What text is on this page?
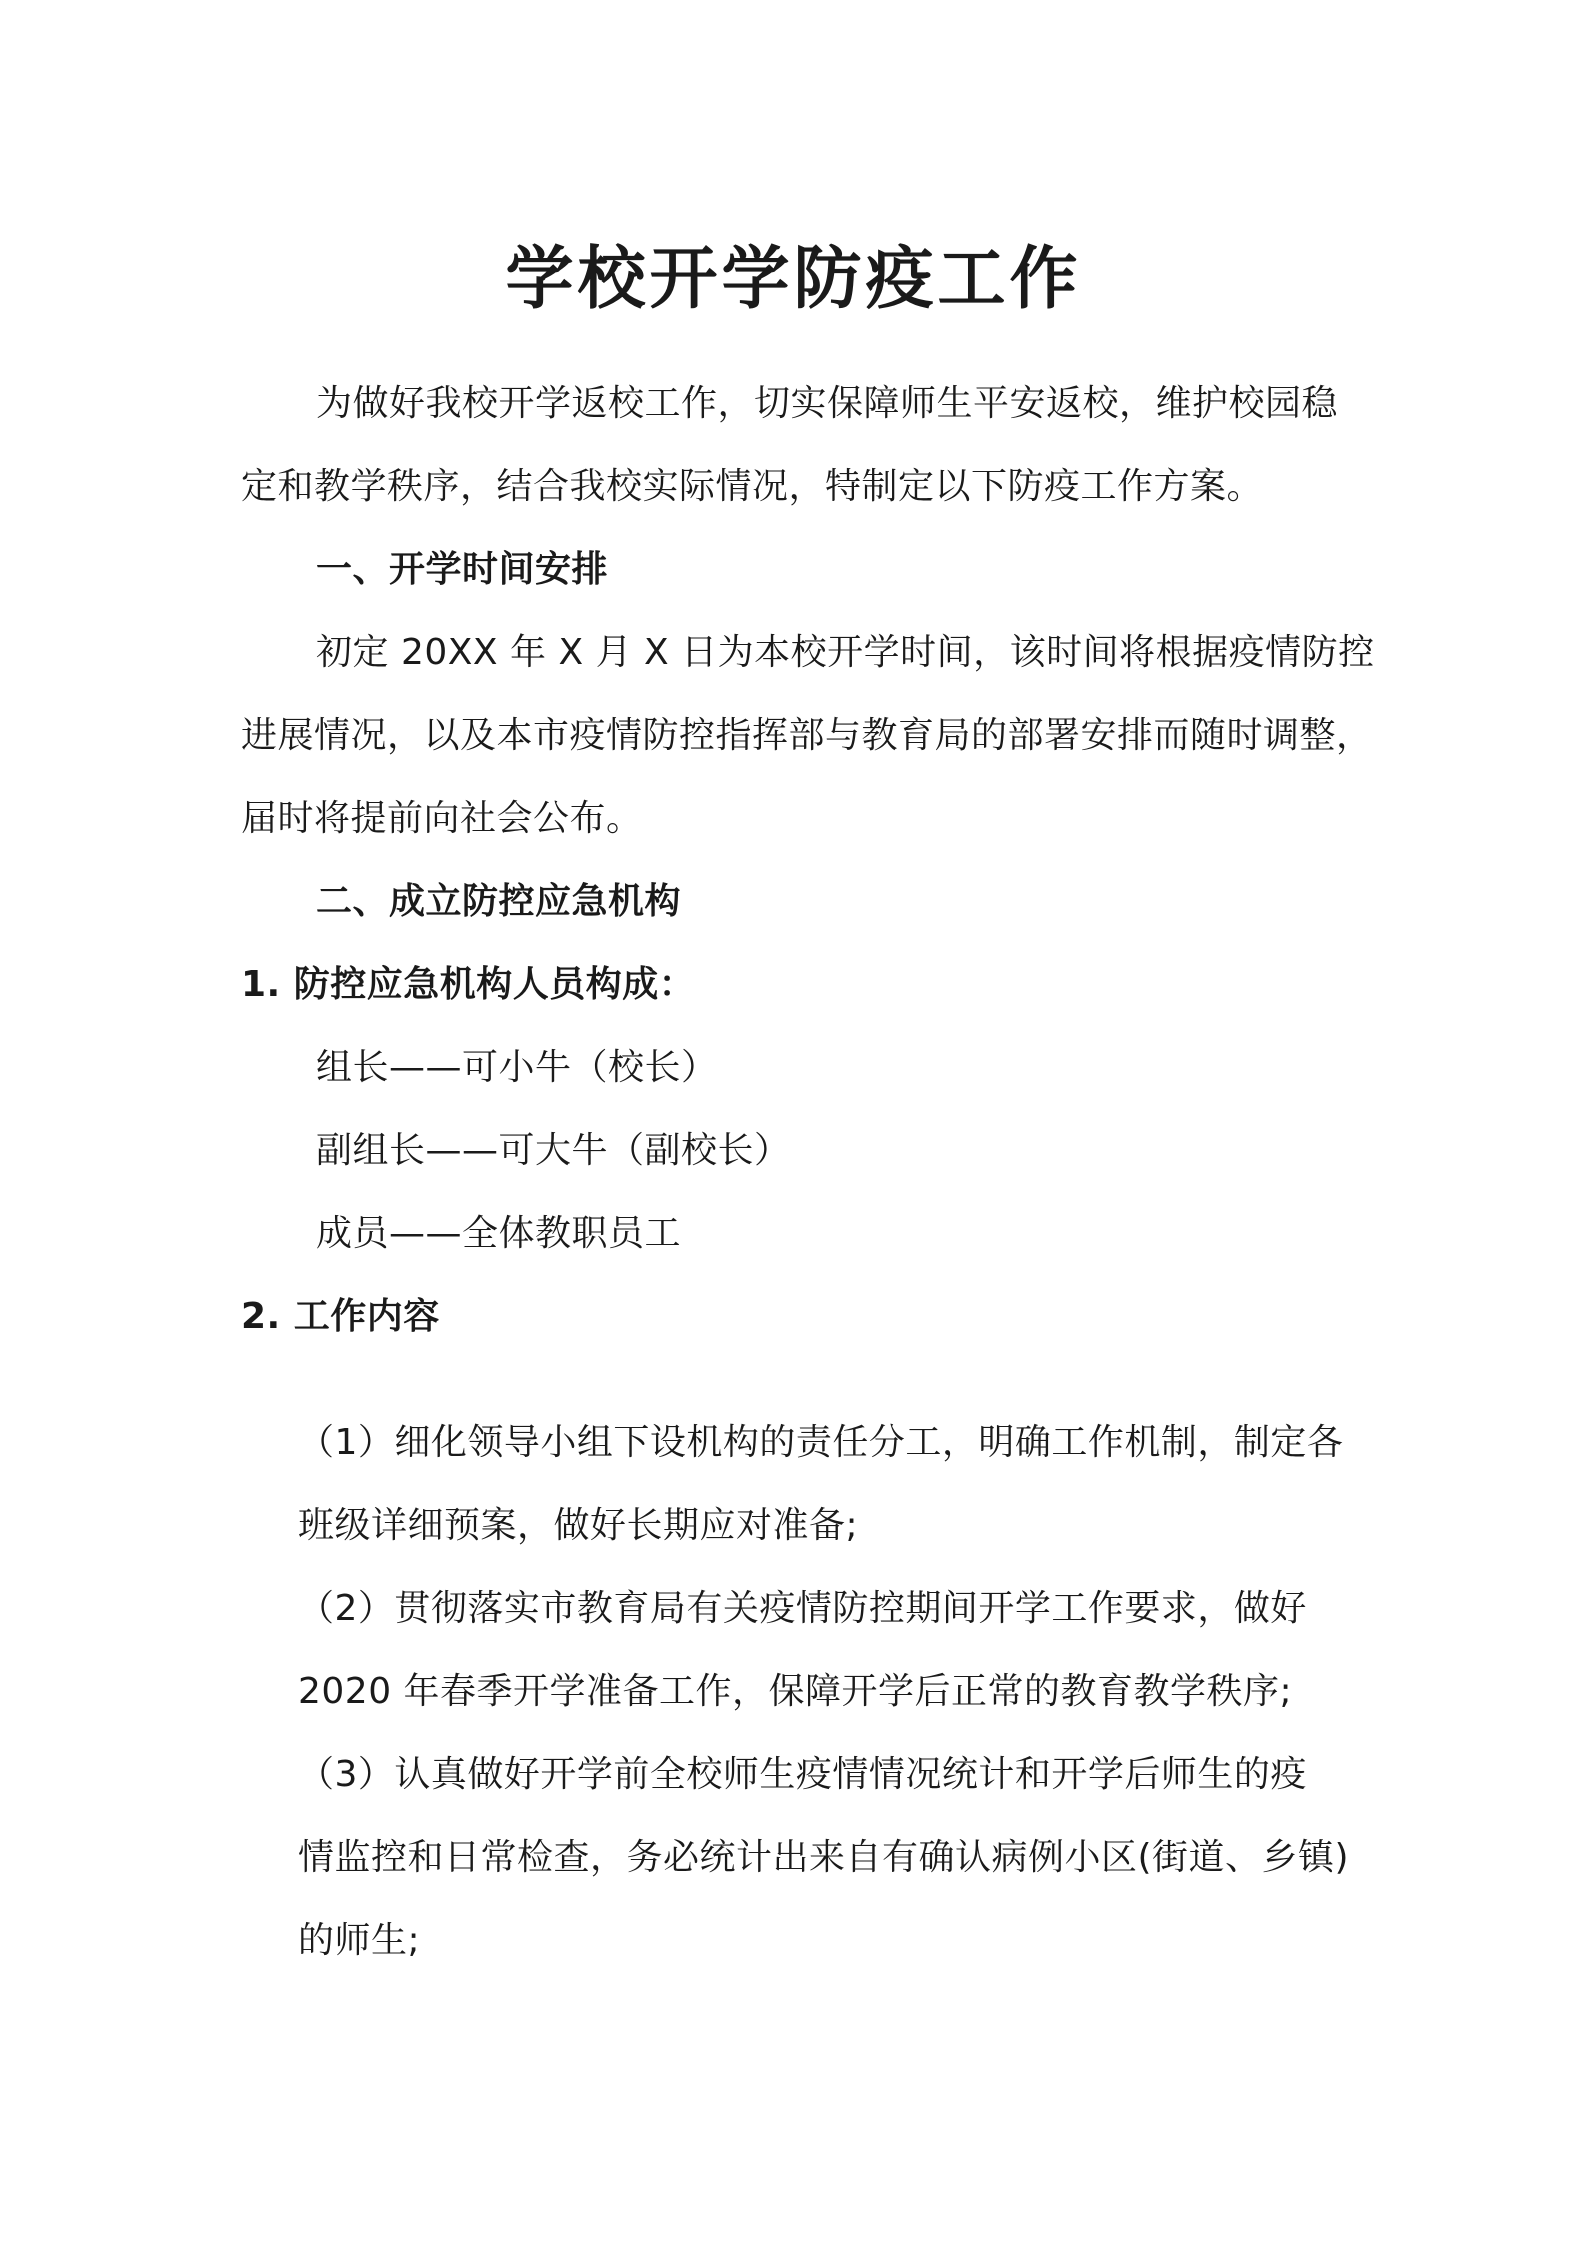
学校开学防疫工作
为做好我校开学返校工作，切实保障师生平安返校，维护校园稳
定和教学秩序，结合我校实际情况，特制定以下防疫工作方案。
一、开学时间安排
初定 20XX 年 X 月 X 日为本校开学时间，该时间将根据疫情防控
进展情况，以及本市疫情防控指挥部与教育局的部署安排而随时调整，
届时将提前向社会公布。
二、成立防控应急机构
1. 防控应急机构人员构成：
组长——可小牛（校长）
副组长——可大牛（副校长）
成员——全体教职员工
2. 工作内容
（1）细化领导小组下设机构的责任分工，明确工作机制，制定各
班级详细预案，做好长期应对准备;
（2）贯彻落实市教育局有关疫情防控期间开学工作要求，做好
2020 年春季开学准备工作，保障开学后正常的教育教学秩序;
（3）认真做好开学前全校师生疫情情况统计和开学后师生的疫
情监控和日常检查，务必统计出来自有确认病例小区(街道、乡镇)
的师生;
